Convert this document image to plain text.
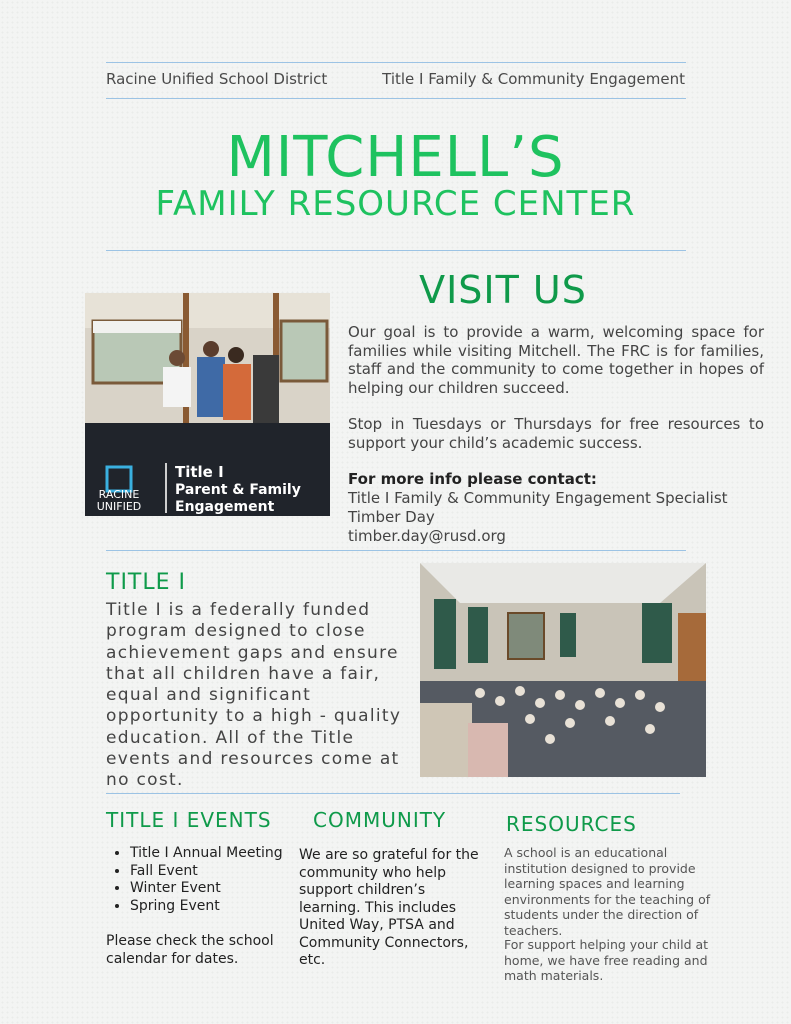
Racine Unified School District	Title I Family & Community Engagement
MITCHELL’S
FAMILY RESOURCE CENTER
VISIT US
RACINE
UNIFIED
Title I
Parent & Family
Engagement

Our goal is to provide a warm, welcoming space for families while visiting Mitchell. The FRC is for families, staff and the community to come together in hopes of helping our children succeed.

Stop in Tuesdays or Thursdays for free resources to support your child’s academic success.

For more info please contact:
Title I Family & Community Engagement Specialist
Timber Day
timber.day@rusd.org
TITLE I

Title I is a federally funded program designed to close achievement gaps and ensure that all children have a fair, equal and significant opportunity to a high - quality education. All of the Title events and resources come at no cost.

TITLE I EVENTS
• Title I Annual Meeting
• Fall Event
• Winter Event
• Spring Event

Please check the school calendar for dates.

COMMUNITY

We are so grateful for the community who help support children’s learning. This includes United Way, PTSA and Community Connectors, etc.

RESOURCES

A school is an educational institution designed to provide learning spaces and learning environments for the teaching of students under the direction of teachers.

For support helping your child at home, we have free reading and math materials.
